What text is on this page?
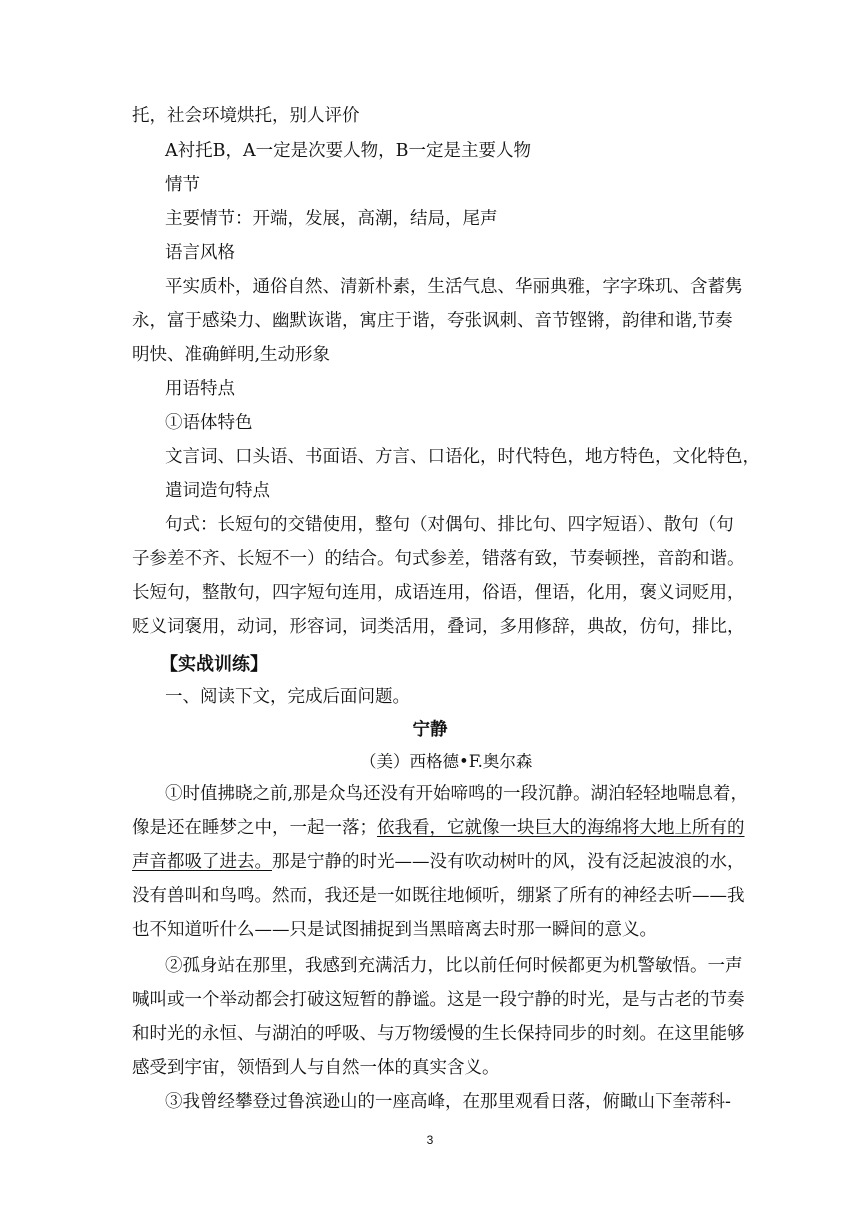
托，社会环境烘托，别人评价
A衬托B，A一定是次要人物，B一定是主要人物
情节
主要情节：开端，发展，高潮，结局，尾声
语言风格
平实质朴，通俗自然、清新朴素，生活气息、华丽典雅，字字珠玑、含蓄隽
永，富于感染力、幽默诙谐，寓庄于谐，夸张讽刺、音节铿锵，韵律和谐,节奏
明快、准确鲜明,生动形象
用语特点
①语体特色
文言词、口头语、书面语、方言、口语化，时代特色，地方特色，文化特色，
遣词造句特点
句式：长短句的交错使用，整句（对偶句、排比句、四字短语）、散句（句
子参差不齐、长短不一）的结合。句式参差，错落有致，节奏顿挫，音韵和谐。
长短句，整散句，四字短句连用，成语连用，俗语，俚语，化用，褒义词贬用，
贬义词褒用，动词，形容词，词类活用，叠词，多用修辞，典故，仿句，排比，
【实战训练】
一、阅读下文，完成后面问题。
宁静
（美）西格德•F.奥尔森
①时值拂晓之前,那是众鸟还没有开始啼鸣的一段沉静。湖泊轻轻地喘息着，
像是还在睡梦之中，一起一落；依我看，它就像一块巨大的海绵将大地上所有的
声音都吸了进去。那是宁静的时光——没有吹动树叶的风，没有泛起波浪的水，
没有兽叫和鸟鸣。然而，我还是一如既往地倾听，绷紧了所有的神经去听——我
也不知道听什么——只是试图捕捉到当黑暗离去时那一瞬间的意义。
②孤身站在那里，我感到充满活力，比以前任何时候都更为机警敏悟。一声
喊叫或一个举动都会打破这短暂的静谧。这是一段宁静的时光，是与古老的节奏
和时光的永恒、与湖泊的呼吸、与万物缓慢的生长保持同步的时刻。在这里能够
感受到宇宙，领悟到人与自然一体的真实含义。
③我曾经攀登过鲁滨逊山的一座高峰，在那里观看日落，俯瞰山下奎蒂科-
3
